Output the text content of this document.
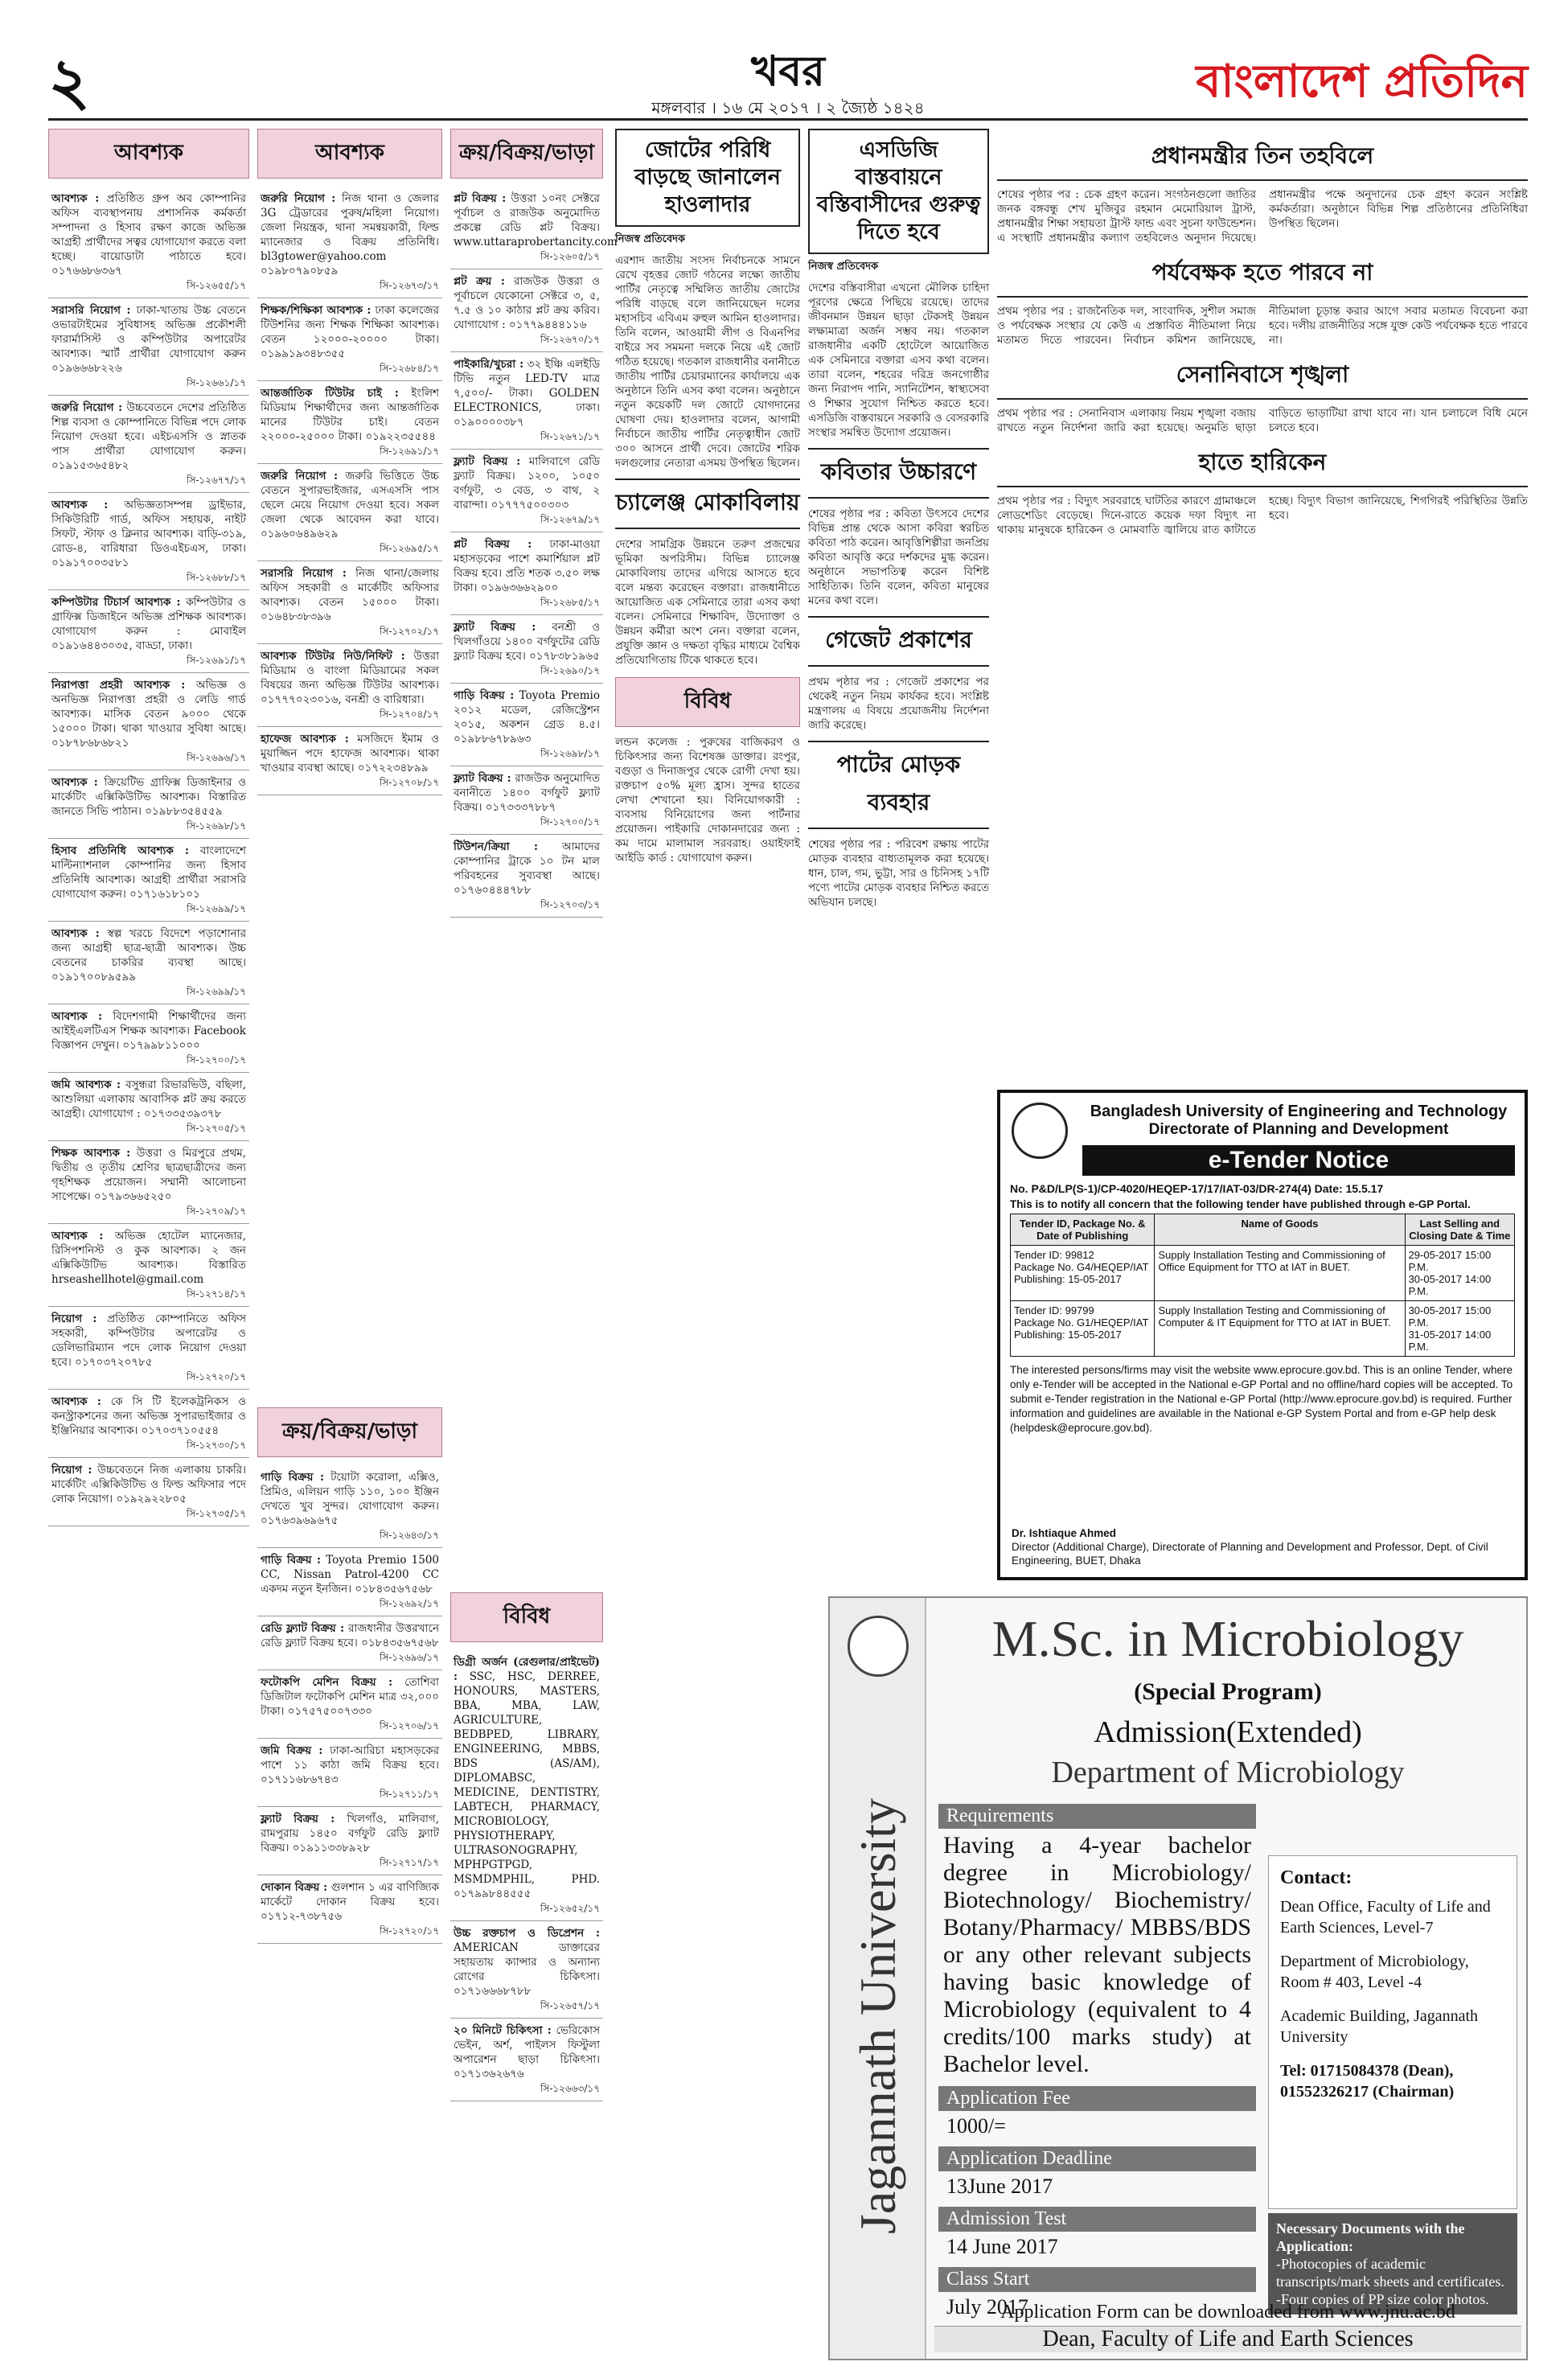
২	খবর
মঙ্গলবার । ১৬ মে ২০১৭ । ২ জ্যৈষ্ঠ ১৪২৪	বাংলাদেশ প্রতিদিন
আবশ্যক
আবশ্যক : প্রতিষ্ঠিত গ্রুপ অব কোম্পানির অফিস ব্যবস্থাপনায় প্রশাসনিক কর্মকর্তা সম্পাদনা ও হিসাব রক্ষণ কাজে অভিজ্ঞ আগ্রহী প্রার্থীদের সত্বর যোগাযোগ করতে বলা হচ্ছে। বায়োডাটা পাঠাতে হবে। ০১৭৬৬৮৬৩৬৭
সি-১২৬৫৫/১৭
সরাসরি নিয়োগ : ঢাকা-খাতায় উচ্চ বেতনে ওভারটাইমের সুবিধাসহ অভিজ্ঞ প্রকৌশলী ফারার্মাসিস্ট ও কম্পিউটার অপারেটর আবশ্যক। স্মার্ট প্রার্থীরা যোগাযোগ করুন ০১৯৬৬৬৮২২৬
সি-১২৬৬১/১৭
জরুরি নিয়োগ : উচ্চবেতনে দেশের প্রতিষ্ঠিত শিল্প ব্যবসা ও কোম্পানিতে বিভিন্ন পদে লোক নিয়োগ দেওয়া হবে। এইচএসসি ও স্নাতক পাস প্রার্থীরা যোগাযোগ করুন। ০১৯১৫৩৬৫৪৮২
সি-১২৬৭৭/১৭
আবশ্যক : অভিজ্ঞতাসম্পন্ন ড্রাইভার, সিকিউরিটি গার্ড, অফিস সহায়ক, নাইট সিফট, স্টাফ ও ক্লিনার আবশ্যক। বাড়ি-৩১৯, রোড-৪, বারিধারা ডিওএইচএস, ঢাকা। ০১৯১৭০০৩৫৮১
সি-১২৬৮৮/১৭
কম্পিউটার টিচার্স আবশ্যক : কম্পিউটার ও গ্রাফিক্স ডিজাইনে অভিজ্ঞ প্রশিক্ষক আবশ্যক। যোগাযোগ করুন : মোবাইল ০১৯১৬৪৪৩০৩৫, বাড্ডা, ঢাকা।
সি-১২৬৯১/১৭
নিরাপত্তা প্রহরী আবশ্যক : অভিজ্ঞ ও অনভিজ্ঞ নিরাপত্তা প্রহরী ও লেডি গার্ড আবশ্যক। মাসিক বেতন ৯০০০ থেকে ১৫০০০ টাকা। থাকা খাওয়ার সুবিধা আছে। ০১৮৭৮৬৮৬৮২১
সি-১২৬৯৬/১৭
আবশ্যক : ক্রিয়েটিভ গ্রাফিক্স ডিজাইনার ও মার্কেটিং এক্সিকিউটিভ আবশ্যক। বিস্তারিত জানতে সিভি পাঠান। ০১৯৮৮৩৫৪৫৫৯
সি-১২৬৯৮/১৭
হিসাব প্রতিনিধি আবশ্যক : বাংলাদেশে মাল্টিন্যাশনাল কোম্পানির জন্য হিসাব প্রতিনিধি আবশ্যক। আগ্রহী প্রার্থীরা সরাসরি যোগাযোগ করুন। ০১৭১৬১৮১০১
সি-১২৬৯৯/১৭
আবশ্যক : স্বল্প খরচে বিদেশে পড়াশোনার জন্য আগ্রহী ছাত্র-ছাত্রী আবশ্যক। উচ্চ বেতনের চাকরির ব্যবস্থা আছে। ০১৯১৭০০৮৯৫৯৯
সি-১২৬৯৯/১৭
আবশ্যক : বিদেশগামী শিক্ষার্থীদের জন্য আইইএলটিএস শিক্ষক আবশ্যক। Facebook বিজ্ঞাপন দেখুন। ০১৭৯৯৮১১০০০
সি-১২৭০০/১৭
জমি আবশ্যক : বসুন্ধরা রিভারভিউ, বছিলা, আশুলিয়া এলাকায় আবাসিক প্লট ক্রয় করতে আগ্রহী। যোগাযোগ : ০১৭৩৩৫৩৯৩৭৮
সি-১২৭০৫/১৭
শিক্ষক আবশ্যক : উত্তরা ও মিরপুরে প্রথম, দ্বিতীয় ও তৃতীয় শ্রেণির ছাত্রছাত্রীদের জন্য গৃহশিক্ষক প্রয়োজন। সম্মানী আলোচনা সাপেক্ষে। ০১৭৯৩৬৬৫২৫০
সি-১২৭০৯/১৭
আবশ্যক : অভিজ্ঞ হোটেল ম্যানেজার, রিসিপশনিস্ট ও কুক আবশ্যক। ২ জন এক্সিকিউটিভ আবশ্যক। বিস্তারিত hrseashellhotel@gmail.com
সি-১২৭১৪/১৭
নিয়োগ : প্রতিষ্ঠিত কোম্পানিতে অফিস সহকারী, কম্পিউটার অপারেটর ও ডেলিভারিম্যান পদে লোক নিয়োগ দেওয়া হবে। ০১৭০৩৭২০৭৮৫
সি-১২৭২০/১৭
আবশ্যক : কে সি টি ইলেকট্রনিকস ও কনস্ট্রাকশনের জন্য অভিজ্ঞ সুপারভাইজার ও ইঞ্জিনিয়ার আবশ্যক। ০১৭০৩৭১০৫৫৪
সি-১২৭৩০/১৭
নিয়োগ : উচ্চবেতনে নিজ এলাকায় চাকরি। মার্কেটিং এক্সিকিউটিভ ও ফিল্ড অফিসার পদে লোক নিয়োগ। ০১৯২৯২২৮০৫
সি-১২৭৩৫/১৭
আবশ্যক
জরুরি নিয়োগ : নিজ থানা ও জেলার 3G ট্রেডারের পুরুষ/মহিলা নিয়োগ। জেলা নিয়ন্ত্রক, থানা সমন্বয়কারী, ফিল্ড ম্যানেজার ও বিক্রয় প্রতিনিধি। bl3gtower@yahoo.com ০১৯৮০৭৯০৮৫৯
সি-১২৬৭৩/১৭
শিক্ষক/শিক্ষিকা আবশ্যক : ঢাকা কলেজের টিউশনির জন্য শিক্ষক শিক্ষিকা আবশ্যক। বেতন ১২০০০-২০০০০ টাকা। ০১৯৯১৯৩৪৮৩৫৫
সি-১২৬৮৪/১৭
আন্তর্জাতিক টিউটর চাই : ইংলিশ মিডিয়াম শিক্ষার্থীদের জন্য আন্তর্জাতিক মানের টিউটর চাই। বেতন ২২০০০-২৫০০০ টাকা। ০১৯২২৩৫৫৪৪
সি-১২৬৯১/১৭
জরুরি নিয়োগ : জরুরি ভিত্তিতে উচ্চ বেতনে সুপারভাইজার, এসএসসি পাস ছেলে মেয়ে নিয়োগ দেওয়া হবে। সকল জেলা থেকে আবেদন করা যাবে। ০১৯৬০৬৪৯৬২৯
সি-১২৬৯৫/১৭
সরাসরি নিয়োগ : নিজ থানা/জেলায় অফিস সহকারী ও মার্কেটিং অফিসার আবশ্যক। বেতন ১৫০০০ টাকা। ০১৬৪৮৩৮৩৯৬
সি-১২৭০২/১৭
আবশ্যক টিউটর নিউ/নিফিট : উত্তরা মিডিয়াম ও বাংলা মিডিয়ামের সকল বিষয়ের জন্য অভিজ্ঞ টিউটর আবশ্যক। ০১৭৭৭০২৩০১৬, বনশ্রী ও বারিধারা।
সি-১২৭০৪/১৭
হাফেজ আবশ্যক : মসজিদে ইমাম ও মুয়াজ্জিন পদে হাফেজ আবশ্যক। থাকা খাওয়ার ব্যবস্থা আছে। ০১৭২২৩৪৮৯৯
সি-১২৭০৮/১৭
ক্রয়/বিক্রয়/ভাড়া
প্লট বিক্রয় : উত্তরা ১০নং সেক্টরে পূর্বাচল ও রাজউক অনুমোদিত প্রকল্পে রেডি প্লট বিক্রয়। www.uttaraprobertancity.com
সি-১২৬০৫/১৭
প্লট ক্রয় : রাজউক উত্তরা ও পূর্বাচলে যেকোনো সেক্টরে ৩, ৫, ৭.৫ ও ১০ কাঠার প্লট ক্রয় করিব। যোগাযোগ : ০১৭৭৯৪৪৪১১৬
সি-১২৬৭০/১৭
পাইকারি/খুচরা : ৩২ ইঞ্চি এলইডি টিভি নতুন LED-TV মাত্র ৭,৫০০/- টাকা। GOLDEN ELECTRONICS, ঢাকা। ০১৯০০০০৩৮৭
সি-১২৬৭১/১৭
ফ্ল্যাট বিক্রয় : মালিবাগে রেডি ফ্ল্যাট বিক্রয়। ১২০০, ১০৫০ বর্গফুট, ৩ বেড, ৩ বাথ, ২ বারান্দা। ০১৭৭৭৫০০৩০৩
সি-১২৬৭৯/১৭
প্লট বিক্রয় : ঢাকা-মাওয়া মহাসড়কের পাশে কমার্শিয়াল প্লট বিক্রয় হবে। প্রতি শতক ৩.৫০ লক্ষ টাকা। ০১৯৬৩৬৬২৯০০
সি-১২৬৮৫/১৭
ফ্ল্যাট বিক্রয় : বনশ্রী ও খিলগাঁওয়ে ১৪০০ বর্গফুটের রেডি ফ্ল্যাট বিক্রয় হবে। ০১৭৮৩৮১৯৬৫
সি-১২৬৯০/১৭
গাড়ি বিক্রয় : Toyota Premio ২০১২ মডেল, রেজিস্ট্রেশন ২০১৫, অকশন গ্রেড ৪.৫। ০১৯৮৮৬৭৮৯৬৩
সি-১২৬৯৮/১৭
ফ্ল্যাট বিক্রয় : রাজউক অনুমোদিত বনানীতে ১৪০০ বর্গফুট ফ্ল্যাট বিক্রয়। ০১৭৩৩৩৭৮৮৭
সি-১২৭০০/১৭
টিউশন/ক্রিয়া : আমাদের কোম্পানির ট্রাকে ১০ টন মাল পরিবহনের সুব্যবস্থা আছে। ০১৭৬০৪৪৪৭৮৮
সি-১২৭০৩/১৭
ক্রয়/বিক্রয়/ভাড়া
গাড়ি বিক্রয় : টয়োটা করোলা, এক্সিও, প্রিমিও, এলিয়ন গাড়ি ১১০, ১০০ ইঞ্জিন দেখতে খুব সুন্দর। যোগাযোগ করুন। ০১৭৬৩৯৬৯৬৭৫
সি-১২৬৪৩/১৭
গাড়ি বিক্রয় : Toyota Premio 1500 CC, Nissan Patrol-4200 CC একদম নতুন ইনজিন। ০১৮৪৩৫৬৭৫৬৮
সি-১২৬৯২/১৭
রেডি ফ্ল্যাট বিক্রয় : রাজধানীর উত্তরখানে রেডি ফ্ল্যাট বিক্রয় হবে। ০১৮৪৩৫৬৭৫৬৮
সি-১২৬৯৬/১৭
ফটোকপি মেশিন বিক্রয় : তোশিবা ডিজিটাল ফটোকপি মেশিন মাত্র ৩২,০০০ টাকা। ০১৭৫৭৫০০৭৩৩০
সি-১২৭০৬/১৭
জমি বিক্রয় : ঢাকা-আরিচা মহাসড়কের পাশে ১১ কাঠা জমি বিক্রয় হবে। ০১৭১১৬৮৬৭৪৩
সি-১২৭১১/১৭
ফ্ল্যাট বিক্রয় : খিলগাঁও, মালিবাগ, রামপুরায় ১৪৫০ বর্গফুট রেডি ফ্ল্যাট বিক্রয়। ০১৯১১৩৩৮৯২৮
সি-১২৭১৭/১৭
দোকান বিক্রয় : গুলশান ১ এর বাণিজ্যিক মার্কেটে দোকান বিক্রয় হবে। ০১৭১২-৭৩৮৭৫৬
সি-১২৭২০/১৭
বিবিধ
ডিগ্রী অর্জন (রেগুলার/প্রাইভেট) : SSC, HSC, DERREE, HONOURS, MASTERS, BBA, MBA, LAW, AGRICULTURE, BEDBPED, LIBRARY, ENGINEERING, MBBS, BDS (AS/AM), DIPLOMABSC, MEDICINE, DENTISTRY, LABTECH, PHARMACY, MICROBIOLOGY, PHYSIOTHERAPY, ULTRASONOGRAPHY, MPHPGTPGD, MSMDMPHIL, PHD. ০১৭৯৯৮৪৪৫৫৫
সি-১২৬৫২/১৭
উচ্চ রক্তচাপ ও ডিপ্রেশন : AMERICAN ডাক্তারের সহায়তায় ক্যান্সার ও অন্যান্য রোগের চিকিৎসা। ০১৭১৬৬৬৮৭৮৮
সি-১২৬৫৭/১৭
২০ মিনিটে চিকিৎসা : ভেরিকোস ভেইন, অর্শ, পাইলস ফিস্টুলা অপারেশন ছাড়া চিকিৎসা। ০১৭১৩৬২৬৭৬
সি-১২৬৬৩/১৭
জোটের পরিধি বাড়ছে জানালেন হাওলাদার
নিজস্ব প্রতিবেদক
এরশাদ জাতীয় সংসদ নির্বাচনকে সামনে রেখে বৃহত্তর জোট গঠনের লক্ষ্যে জাতীয় পার্টির নেতৃত্বে সম্মিলিত জাতীয় জোটের পরিধি বাড়ছে বলে জানিয়েছেন দলের মহাসচিব এবিএম রুহুল আমিন হাওলাদার। তিনি বলেন, আওয়ামী লীগ ও বিএনপির বাইরে সব সমমনা দলকে নিয়ে এই জোট গঠিত হয়েছে। গতকাল রাজধানীর বনানীতে জাতীয় পার্টির চেয়ারম্যানের কার্যালয়ে এক অনুষ্ঠানে তিনি এসব কথা বলেন। অনুষ্ঠানে নতুন কয়েকটি দল জোটে যোগদানের ঘোষণা দেয়। হাওলাদার বলেন, আগামী নির্বাচনে জাতীয় পার্টির নেতৃত্বাধীন জোট ৩০০ আসনে প্রার্থী দেবে। জোটের শরিক দলগুলোর নেতারা এসময় উপস্থিত ছিলেন।
চ্যালেঞ্জ মোকাবিলায়
দেশের সামগ্রিক উন্নয়নে তরুণ প্রজন্মের ভূমিকা অপরিসীম। বিভিন্ন চ্যালেঞ্জ মোকাবিলায় তাদের এগিয়ে আসতে হবে বলে মন্তব্য করেছেন বক্তারা। রাজধানীতে আয়োজিত এক সেমিনারে তারা এসব কথা বলেন। সেমিনারে শিক্ষাবিদ, উদ্যোক্তা ও উন্নয়ন কর্মীরা অংশ নেন। বক্তারা বলেন, প্রযুক্তি জ্ঞান ও দক্ষতা বৃদ্ধির মাধ্যমে বৈশ্বিক প্রতিযোগিতায় টিকে থাকতে হবে।
বিবিধ
লন্ডন কলেজ : পুরুষের বাজিকরণ ও চিকিৎসার জন্য বিশেষজ্ঞ ডাক্তার। রংপুর, বগুড়া ও দিনাজপুর থেকে রোগী দেখা হয়। রক্তচাপ ৫০% মূল্য হ্রাস। সুন্দর হাতের লেখা শেখানো হয়। বিনিয়োগকারী : ব্যবসায় বিনিয়োগের জন্য পার্টনার প্রয়োজন। পাইকারি দোকানদারের জন্য : কম দামে মালামাল সরবরাহ। ওয়াইফাই আইডি কার্ড : যোগাযোগ করুন।
এসডিজি বাস্তবায়নে বস্তিবাসীদের গুরুত্ব দিতে হবে
নিজস্ব প্রতিবেদক
দেশের বস্তিবাসীরা এখনো মৌলিক চাহিদা পূরণের ক্ষেত্রে পিছিয়ে রয়েছে। তাদের জীবনমান উন্নয়ন ছাড়া টেকসই উন্নয়ন লক্ষ্যমাত্রা অর্জন সম্ভব নয়। গতকাল রাজধানীর একটি হোটেলে আয়োজিত এক সেমিনারে বক্তারা এসব কথা বলেন। তারা বলেন, শহরের দরিদ্র জনগোষ্ঠীর জন্য নিরাপদ পানি, স্যানিটেশন, স্বাস্থ্যসেবা ও শিক্ষার সুযোগ নিশ্চিত করতে হবে। এসডিজি বাস্তবায়নে সরকারি ও বেসরকারি সংস্থার সমন্বিত উদ্যোগ প্রয়োজন।
কবিতার উচ্চারণে
শেষের পৃষ্ঠার পর : কবিতা উৎসবে দেশের বিভিন্ন প্রান্ত থেকে আসা কবিরা স্বরচিত কবিতা পাঠ করেন। আবৃত্তিশিল্পীরা জনপ্রিয় কবিতা আবৃত্তি করে দর্শকদের মুগ্ধ করেন। অনুষ্ঠানে সভাপতিত্ব করেন বিশিষ্ট সাহিত্যিক। তিনি বলেন, কবিতা মানুষের মনের কথা বলে।
গেজেট প্রকাশের
প্রথম পৃষ্ঠার পর : গেজেট প্রকাশের পর থেকেই নতুন নিয়ম কার্যকর হবে। সংশ্লিষ্ট মন্ত্রণালয় এ বিষয়ে প্রয়োজনীয় নির্দেশনা জারি করেছে।
পাটের মোড়ক ব্যবহার
শেষের পৃষ্ঠার পর : পরিবেশ রক্ষায় পাটের মোড়ক ব্যবহার বাধ্যতামূলক করা হয়েছে। ধান, চাল, গম, ভুট্টা, সার ও চিনিসহ ১৭টি পণ্যে পাটের মোড়ক ব্যবহার নিশ্চিত করতে অভিযান চলছে।
প্রধানমন্ত্রীর তিন তহবিলে
শেষের পৃষ্ঠার পর : চেক গ্রহণ করেন। সংগঠনগুলো জাতির জনক বঙ্গবন্ধু শেখ মুজিবুর রহমান মেমোরিয়াল ট্রাস্ট, প্রধানমন্ত্রীর শিক্ষা সহায়তা ট্রাস্ট ফান্ড এবং সুচনা ফাউন্ডেশন। এ সংস্থাটি প্রধানমন্ত্রীর কল্যাণ তহবিলেও অনুদান দিয়েছে। প্রধানমন্ত্রীর পক্ষে অনুদানের চেক গ্রহণ করেন সংশ্লিষ্ট কর্মকর্তারা। অনুষ্ঠানে বিভিন্ন শিল্প প্রতিষ্ঠানের প্রতিনিধিরা উপস্থিত ছিলেন।
পর্যবেক্ষক হতে পারবে না
প্রথম পৃষ্ঠার পর : রাজনৈতিক দল, সাংবাদিক, সুশীল সমাজ ও পর্যবেক্ষক সংস্থার যে কেউ এ প্রস্তাবিত নীতিমালা নিয়ে মতামত দিতে পারবেন। নির্বাচন কমিশন জানিয়েছে, নীতিমালা চূড়ান্ত করার আগে সবার মতামত বিবেচনা করা হবে। দলীয় রাজনীতির সঙ্গে যুক্ত কেউ পর্যবেক্ষক হতে পারবে না।
সেনানিবাসে শৃঙ্খলা
প্রথম পৃষ্ঠার পর : সেনানিবাস এলাকায় নিয়ম শৃঙ্খলা বজায় রাখতে নতুন নির্দেশনা জারি করা হয়েছে। অনুমতি ছাড়া বাড়িতে ভাড়াটিয়া রাখা যাবে না। যান চলাচলে বিধি মেনে চলতে হবে।
হাতে হারিকেন
প্রথম পৃষ্ঠার পর : বিদ্যুৎ সরবরাহে ঘাটতির কারণে গ্রামাঞ্চলে লোডশেডিং বেড়েছে। দিনে-রাতে কয়েক দফা বিদ্যুৎ না থাকায় মানুষকে হারিকেন ও মোমবাতি জ্বালিয়ে রাত কাটাতে হচ্ছে। বিদ্যুৎ বিভাগ জানিয়েছে, শিগগিরই পরিস্থিতির উন্নতি হবে।
Bangladesh University of Engineering and Technology
Directorate of Planning and Development
e-Tender Notice
No. P&D/LP(S-1)/CP-4020/HEQEP-17/17/IAT-03/DR-274(4) Date: 15.5.17
This is to notify all concern that the following tender have published through e-GP Portal.
Tender ID, Package No. & Date of Publishing	Name of Goods	Last Selling and Closing Date & Time
Tender ID: 99812
Package No. G4/HEQEP/IAT
Publishing: 15-05-2017	Supply Installation Testing and Commissioning of Office Equipment for TTO at IAT in BUET.	29-05-2017 15:00 P.M.
30-05-2017 14:00 P.M.
Tender ID: 99799
Package No. G1/HEQEP/IAT
Publishing: 15-05-2017	Supply Installation Testing and Commissioning of Computer & IT Equipment for TTO at IAT in BUET.	30-05-2017 15:00 P.M.
31-05-2017 14:00 P.M.
The interested persons/firms may visit the website www.eprocure.gov.bd. This is an online Tender, where only e-Tender will be accepted in the National e-GP Portal and no offline/hard copies will be accepted. To submit e-Tender registration in the National e-GP Portal (http://www.eprocure.gov.bd) is required. Further information and guidelines are available in the National e-GP System Portal and from e-GP help desk (helpdesk@eprocure.gov.bd).
Dr. Ishtiaque Ahmed
Director (Additional Charge), Directorate of Planning and Development and Professor, Dept. of Civil Engineering, BUET, Dhaka
Jagannath University
M.Sc. in Microbiology
(Special Program)
Admission(Extended)
Department of Microbiology
Requirements
Having a 4-year bachelor degree in Microbiology/ Biotechnology/ Biochemistry/ Botany/Pharmacy/ MBBS/BDS or any other relevant subjects having basic knowledge of Microbiology (equivalent to 4 credits/100 marks study) at Bachelor level.
Application Fee
1000/=
Application Deadline
13June 2017
Admission Test
14 June 2017
Class Start
July 2017
Contact:

Dean Office, Faculty of Life and Earth Sciences, Level-7

Department of Microbiology, Room # 403, Level -4

Academic Building, Jagannath University

Tel: 01715084378 (Dean), 01552326217 (Chairman)

Necessary Documents with the Application:
-Photocopies of academic transcripts/mark sheets and certificates.
-Four copies of PP size color photos.
Application Form can be downloaded from www.jnu.ac.bd
Dean, Faculty of Life and Earth Sciences
